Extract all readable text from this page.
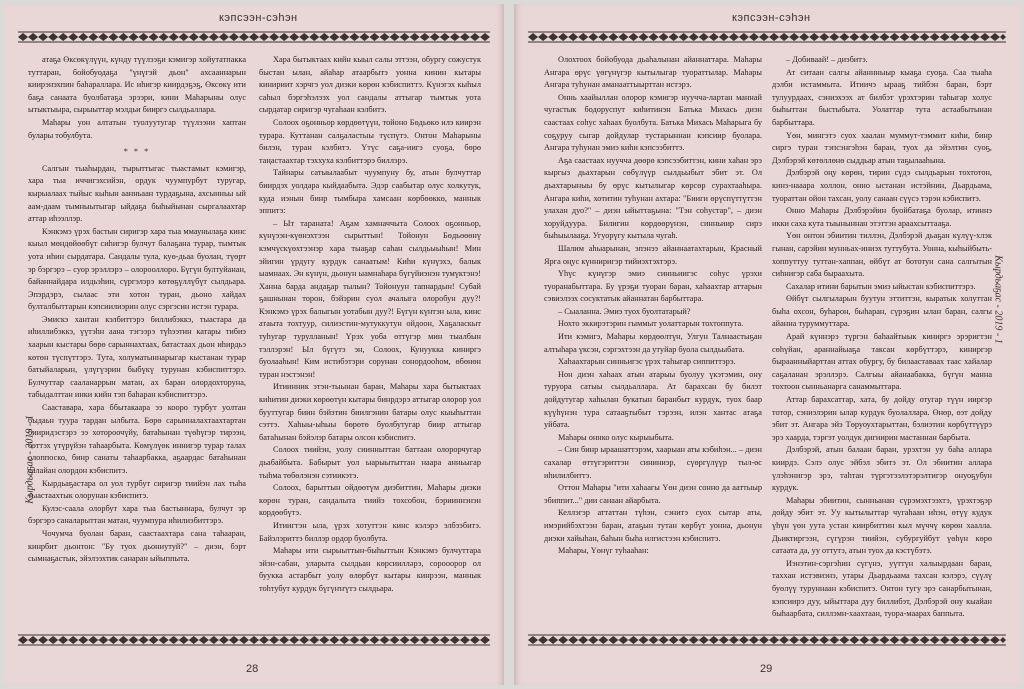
кэпсээн-сэһэн

атаҕа Өксөкүлүүн, күнду түүлээҕи кэмигэр хойутатпакка туттаран, бойобуодаҕа "үнүгэй дьон" ахсааннарын киирэнэхпин баһаралларa. Ис иһигэр киирдэҕэҕ, Өксөкү ити баҕа санаата буолбатаҕа эрээри, кини Маһарыны олус ытыктыыра, сырыыттар мэлдьи бииргэ сылдьаллара.

Маһары уон алтатын туолуутугар түүлээни хаптан булары тобулбута.

* * *

Салгын тыаһырдан, тырыттыгас тыастамыт кэмигэр, хара тыа иччигэхсийэн, ордук чуумпурбут туругар, кырыалаах тыйыс кыһын аанньаан турдаҕына, ахсынньы ый аам-даам тымныытыгар ыйдаҕа быһыйынан сыргалаахтар аттар иһээллэр.

Кэнкэмэ үрэх бастын сиригэр хара тыа ммаунылаҕа кинс кыыл мөндөйөөбүт сиһигэр булчут балаҕана турар, тымтык уота иһин сырдатара. Сандалы тула, куө-дьаа буолан, түөрт эр бэргэрэ – суор эрэллэрэ – олорооллоро. Бүгүн бултуйанан, байаннайдара илдьэһин, сүргэлэрэ көтөҕүллүбүт сылдьара. Эпэрдэрэ, сылаас эти хотон туран, дьоно хайдах булталбыттарын кэпсиилиэрин олус сэргэсин истэн турара.

Эмискэ хантан кэлбиттэрэ биллибэккэ, тыастара да иһиллибэккэ, үүтэһн аана тэгээрэ түһээтин катары тибиэ хаарын кыстары бөрө сарыннахтаах, батастаах дьон иһирдьэ көтөн түспүттэрэ. Тута, холуматыннарыгар кыстанан турар батыйаларын, үлүгүэрин быбүкү турунан кэбиспиттэрэ. Булчуттар сааланаррын матан, ах баран олордохторуна, табыдалттан инки кийн тэп баһаран кэбиспиттэрэ.

Сааставара, хара ббытакаара ээ кооро турбут уолтан быдаьн туура тардан ылбыта. Бөрө сарынналахтаахтартан бииридэстэрэ ээ хотороочүйу, батаһынан түөһүгэр тирээн, бэттэх үтүрүйэн таһаарбыта. Көмүлүөк иннигэр турар талах олоппоско, бинр санаты таһаарбакка, аҕаардас батаһынан салайан олордон кэбиспитэ.

Кырдьаҕастара ол уол турбут сиригэр тиийэн лах тыһа тыастаахтык олорунан кэбиспитэ.

Кулэс-саала олорбут хара тыа бастыннара, булчут эр бэргэрэ саналарыттан матан, чуумпура иһилиэбиттэрэ.

Чочумча буолан баран, саастаахтара сана таһааран, кинрбит дьонтон: "Бу туох дьониутуй?" – диэн, бэрт сымнаҕастык, эйэлээхтик санаран ыйыппыта.

Хара бытыктаах кийн кыыл салы эттээн, обургу сожустук быстан ылан, айаһар атаарбытэ уонна кинин кытары кинириит хэрчгэ уол диэки көрөн кэбиспиттэ. Күнэгэх кыһыл саһыл бэргэһэлээх уол сандалы аттыгар тымтык уота сырдатар сиригэр чугаһаан кэлбитэ.

Солоох оҕонньор көрдөөтүүн, тойоно Бөдьөкө илэ киирэн турара. Куттанан салҕаластыы түспүтэ. Онтон Маһарыны билэн, туран кэлбитэ. Үтүс саҕа-иигэ суоҕа, бөрө таңастаахтар тэххуха кэлбиттэрэ биллэрэ.

Тайнары сатыылаабыт чуумпуну бу, атын булчуттар биирдэх уолдара кыйдаабыта. Эдэр саабытар олус холкутук, куда иэнын бинр тымбыра хамсаан көрбөөккө, маннык эппитэ:

– Ыт тараната! Аҕам хамначчыта Солоох оҕонньор, күнүээн-күөнэхтээн сырыттын! Тойонун Бөдьөөөнү кэмчүскүөхтээнэр хара тыаҕар саһан сылдьыыһын! Мин эйигин үрдугу курдук санаатым! Киһи күнүэхэ, балык ыамнаах. Эн күнүн, дьонун ыамнаһара бүгүйиэнэн тумүктэнэ! Ханна барда андаҕар тылын? Тойонуун тапнардын! Субай ҕашнынан торон, бэйэрин суол ачалыга олоробун дуу?! Кэнкэмэ үрэх балыгын уотабын дуу?! Бүгүн күнтэн ыла, кинс атаыта тохтуур, силиэстин-мутуккутун ойдоон, Хаҕаласкыт туһугар турулланын! Үрэх уоба өттүгэр мин тыалбын тэллэрэн! Ыл бүгүтэ эн, Солоох, Кунуукка киниргэ буолааһын! Ким истибэтэри сорунан сонордооһом, өбөнөн туран нэстэнэн!

Итиинник этэн-тыынан баран, Маһары хара бытыктаах киһитин диэки көрөөтүн кытары бинрдэрэ аттыгар олорор уол бууттугар биин бэйэтин биилгэнин батары олус кыыһыттан сэттэ. Хаһыы-ыһыы бөрөтө буолбутугар биир аттыгар батаһынан бэйэлэр батары олсон кэбиспитэ.

Солоох тиийэн, уолу сиинныттан баттаан олорорчугар дьабайбыта. Бабырыт уол ыарыытыттан наара анньыгар тыһма төбөлэнэн сэтиикэтэ.

Солоох, барыттын ойдөөтүм диэбиттин, Маһары диэки көрөн туран, сандалыта тиийэ тохсобон, бэрииннэнэн кордөөбүтэ.

Итиигтэн ыла, үрэх хотуттэн кинс кэлэрэ элбээбитэ. Байэлэриттэ биллэр ордор буолбута.

Маһары ити сырыыттын-быһыттын Кэнкэмэ булчуттара эйэн-сабан, уларыта сылдьан көрсиилләрэ, сорооорор ол буукка астарбыт уолу өлөрбүт кытары кинрээн, маннык тоһтубут курдук бүгүҥҥүтэ сылдьара.

Кырдьаҕас - 2019 - 1
28
кэпсээн-сэһэн

Олохтоох бойобуода дьаһалынан айаннаттара. Маһары Ангара өрүс үөгүнүгэр кытылыгар туораттылар. Маһары Ангара туһунан аманааттыырттан истэрэ.

Оннь хаайыллан олорор кэмигэр нуучча-лартан маннай чугастык бодоруспут киһитинэн Батька Михась диэн саастаах соһус хаһаах буолбута. Батька Михась Маһарыга бу соҕуруу сыгар дойдулар тустарыннан кэпсиир буолара. Ангара туһунан эмиэ киһи кэпсээбиттэ.

Аҕа саастаах нуучча дөөрө кэпсээбиттэн, кини хаһан эрэ кыргыз дьахтарын сөбүлүүр сылдьыбыт эбит эт. Ол дьахтарыныы бу өрүс кытылыгар көрсөр сурахтааһыра. Ангара киһи, хотитин туһунан ахтара: "Бииги өрүспүттүттэн улахан дуо?" – диэн ыйыттаҕына: "Тэн соһустар", – диэн хоруйдуура. Билигин көрдөөрүнэн, синньиир сирэ быһыылааҕа. Угуорүгу кытыла чугаһ.

Шалим аһыарынан, эпэнээ айаннаатахтарын, Красный Ярга оңус күнниригэр тийиэхтэхтэрэ.

Үһүс күнүгэр эмиэ синньиигэс соһус үрэхи туоранабыттара. Бу үрэҕи туоран баран, хаһаахтар аттарын сэвиэлээх сосуктатык айаннатан барбыттара.

– Сыаланна. Эмиэ туох буолтатарый?

Нохто эккирэтэрин гыммыт уолаттарын тохтоппута.

Ити кэмигэ, Маһары көрдөөлтүн, Улгун Талнаастыҕан алтыһара үксэн, сэргэхтээн да утуйар буола сылдьыбата.

Хаһаахтарын синньигэс үрэх таһыгар сиппиттэрэ.

Нон диэн хаһаах атын атарыы буолуу үкэтэмин, ону туруора сатыы сылдьаллара. Ат барахсан бу билэт дойдутугар хаһылан букатын баранбыт курдук, туох баар күүһүнэн тура сатааҕтыбыт тэрээн, илэн хантас атаҕа уйбата.

Маһары оннко олус кырыыбыта.

– Син бинр ыраашаттэрэм, хаарыан аты кэбиһэн... – диэн сахалар өттүгэриттэн сининиэр, сүөргүлүүр тыл-өс иһилилбиттэ.

Оттон Маһары "ити хаһаагы Үөн диэн сонно да ааттыыр эбиппит..." дии санаан айарбыта.

Келлэгэр аттаттан түһэн, сэнитэ суох сытар аты, имэрийбэхтээн баран, атаҕын тутан көрбүт уонна, дьонун диэки хайыһан, баһын быһа илгистээн кэбиспитэ.

Маһары, Үөнүг туһааһан:

– Добиваай! – диэбитэ.

Ат ситаан салгы айаннныыр кыаҕа суоҕа. Саа тыаһа дэлби истаммыта. Итиичэ ырааҕ тийбэн баран, бэрт тулуурдаах, сэниэхээх ат билбэт үрэхтэрин таһыгар холус быһыттан быстыбыта. Уолаттар тута астаабытынан барбыттара.

Үөн, мингэтэ суох хаалан муммут-тэммит киһи, бинр сиргэ туран тэпсэнгэһэн баран, туох да эйэлтин суоҕ, Дэлбэрэй көтөллөнө сыддьар атын таҕылааһына.

Дэлбэрэй оңу көрөн, тирин сүдэ сылдьарын тохтотон, кинз-нааара холлон, онно ыстанан истэйнин, Дьардьама, туораттан ойон тахсан, уолу санаан сүүсэ тэрэн кэбиспитэ.

Онно Маһары Дэлбэрэйин буойбатаҕа буолар, итиннэ икки саха кута тыыныннан этэттэн араахсыттааҕа.

Үөн онтон эбиитин тиллэн, Дэлбэрэй дьаҕан күлүү-хлэк гынан, сарэйин мунньах-иниэх туттубута. Уонна, кыһыйбыть-хоппуттуу туттан-хаппан, өйбүт ат бототун сана салгытын сиһнигэр саба быраахыта.

Сахалар итини барытын эмиэ ыйыстан кэбиспиттэрэ.

Өйбүт сылгыларын буутун эттиттэн, кыратык холуттан быһа охсон, буһарон, быһаран, сүрэҕин ылан баран, салгы айанна туруммуттара.

Арай күннэрэ түргэн баһаайтыык киниргэ эрэригтэн сөһүйан, араннайыаҕа таксан көрбүттэрэ, киниргэр быраанныйарттан аттах обургу, бу билааставаах таас хайалар саҕаланан эрэллэрэ. Салгыы айанаабакка, бүгүн манна тохтоон сынньанарга санаммыттара.

Аттар барахсаттар, хата, бу дойду отугар түүн ииргэр тотор, сэниэлэрин ылар курдук буолаллара. Өнөр, өэт дойду эбит эт. Ангара эйэ Төруоухтарыттан, бэлиэтин көрбүттүүрэ эрэ хаарда, тэргэт уолдук дигиирин мастаннан барбыта.

Дэлбэрэй, атын балаан баран, урэхтэн уу баһа аллара киирдэ. Сэлэ олус эйбэл эбитэ эт. Ол эбиитин аллара үлэһэнигэр эрэ, таһтан түргэтээлэтэрэлтигэр онуоҕубун курдук.

Маһары эбиитин, сынньанан сүрэмэхтээхтэ, үрэхтэҕэр дойду эбит эт. Уу кытылыттар чугаһаан иһэн, өтүү кудук үһүн үөн уута устан киирбиттин кыл мүччү көрөн хаалла. Дьиктиргээн, сүгүрэн тиийэн, субургуйбут үөһүн көрө сатаата да, уу оттутэ, атын туох да кэстүбэтэ.

Иэнэтин-сэргэһин сүгүнэ, уүттүн халыырдаан баран, таххан истэвиэнэ, утары Дьардьаама тахсан кэлэрэ, сүүлү буөлүү туруннаан кэбиспитэ. Онтон тугу эрэ санарбытынан, кэпсиирэ дуу, ыйыттара дуу биллибэт, Дэлбэрэй ону кыайан быһаарбата, силлэмн-хаахтаан, туора-маарах баппыта.

Кырдьаҕас - 2019 - 1
29
